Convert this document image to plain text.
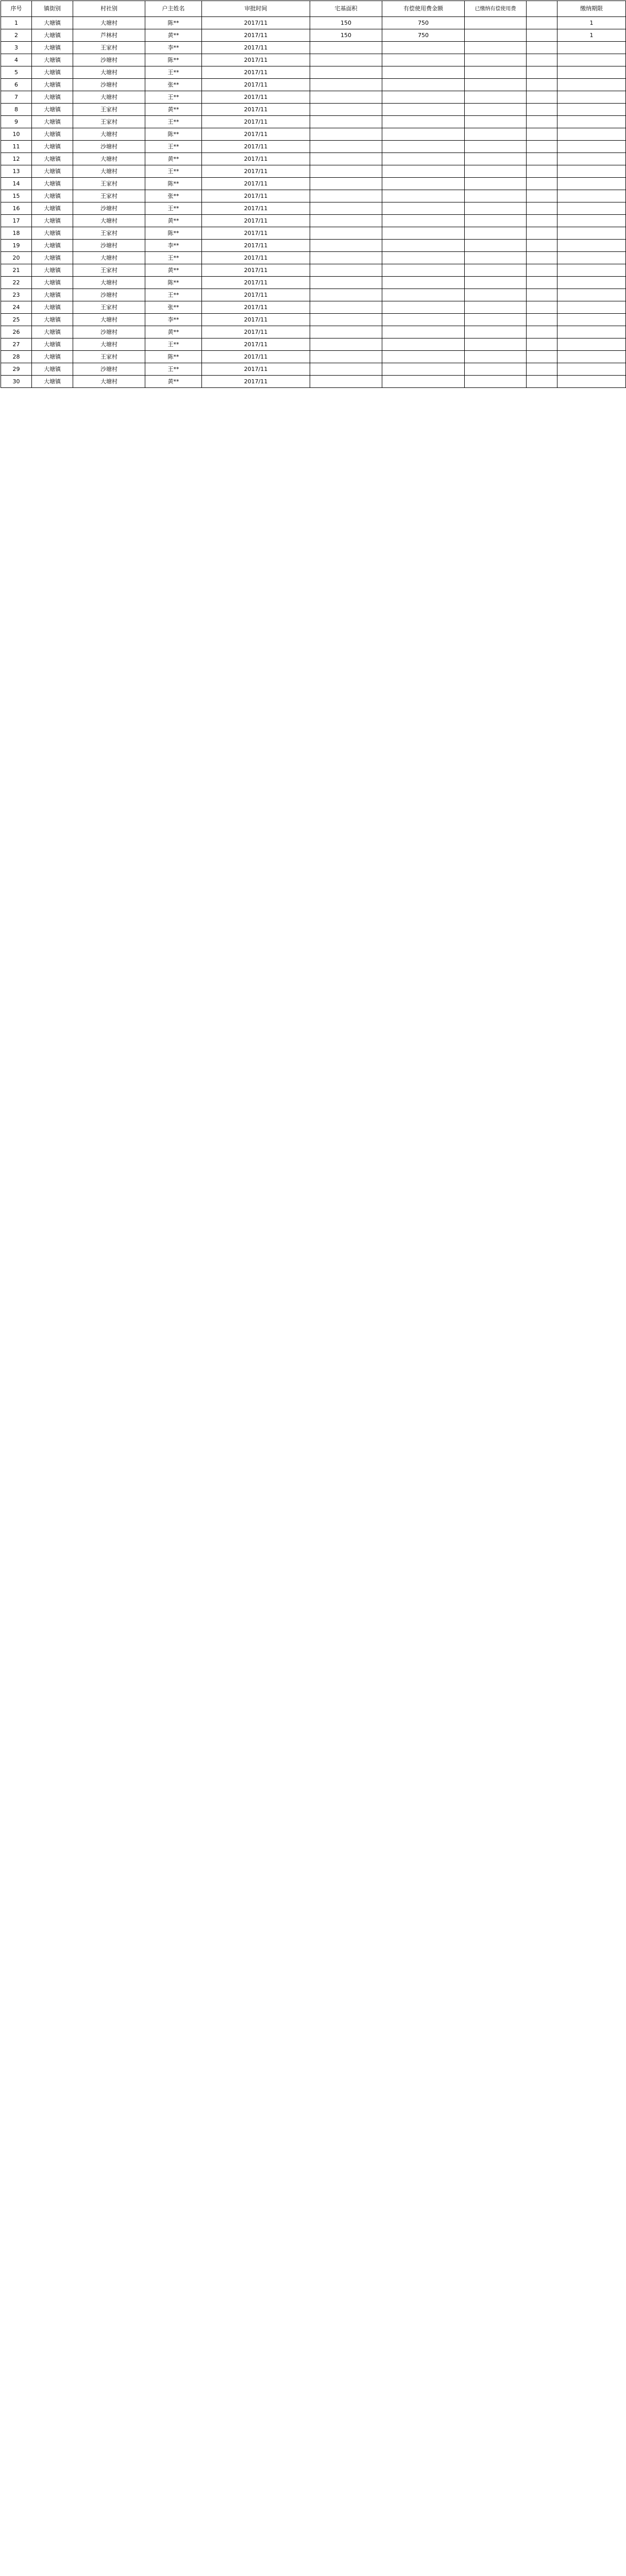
序号	镇街别	村社别	户主姓名	审批时间	宅基面积	有偿使用费金额	已缴纳有偿使用费		缴纳期限
1	大塘镇	大塘村	陈**	2017/11	150	750			1
2	大塘镇	芦林村	黄**	2017/11	150	750			1
3	大塘镇	王家村	李**	2017/11					
4	大塘镇	沙塘村	陈**	2017/11					
5	大塘镇	大塘村	王**	2017/11					
6	大塘镇	沙塘村	张**	2017/11					
7	大塘镇	大塘村	王**	2017/11					
8	大塘镇	王家村	黄**	2017/11					
9	大塘镇	王家村	王**	2017/11					
10	大塘镇	大塘村	陈**	2017/11					
11	大塘镇	沙塘村	王**	2017/11					
12	大塘镇	大塘村	黄**	2017/11					
13	大塘镇	大塘村	王**	2017/11					
14	大塘镇	王家村	陈**	2017/11					
15	大塘镇	王家村	张**	2017/11					
16	大塘镇	沙塘村	王**	2017/11					
17	大塘镇	大塘村	黄**	2017/11					
18	大塘镇	王家村	陈**	2017/11					
19	大塘镇	沙塘村	李**	2017/11					
20	大塘镇	大塘村	王**	2017/11					
21	大塘镇	王家村	黄**	2017/11					
22	大塘镇	大塘村	陈**	2017/11					
23	大塘镇	沙塘村	王**	2017/11					
24	大塘镇	王家村	张**	2017/11					
25	大塘镇	大塘村	李**	2017/11					
26	大塘镇	沙塘村	黄**	2017/11					
27	大塘镇	大塘村	王**	2017/11					
28	大塘镇	王家村	陈**	2017/11					
29	大塘镇	沙塘村	王**	2017/11					
30	大塘镇	大塘村	黄**	2017/11					
